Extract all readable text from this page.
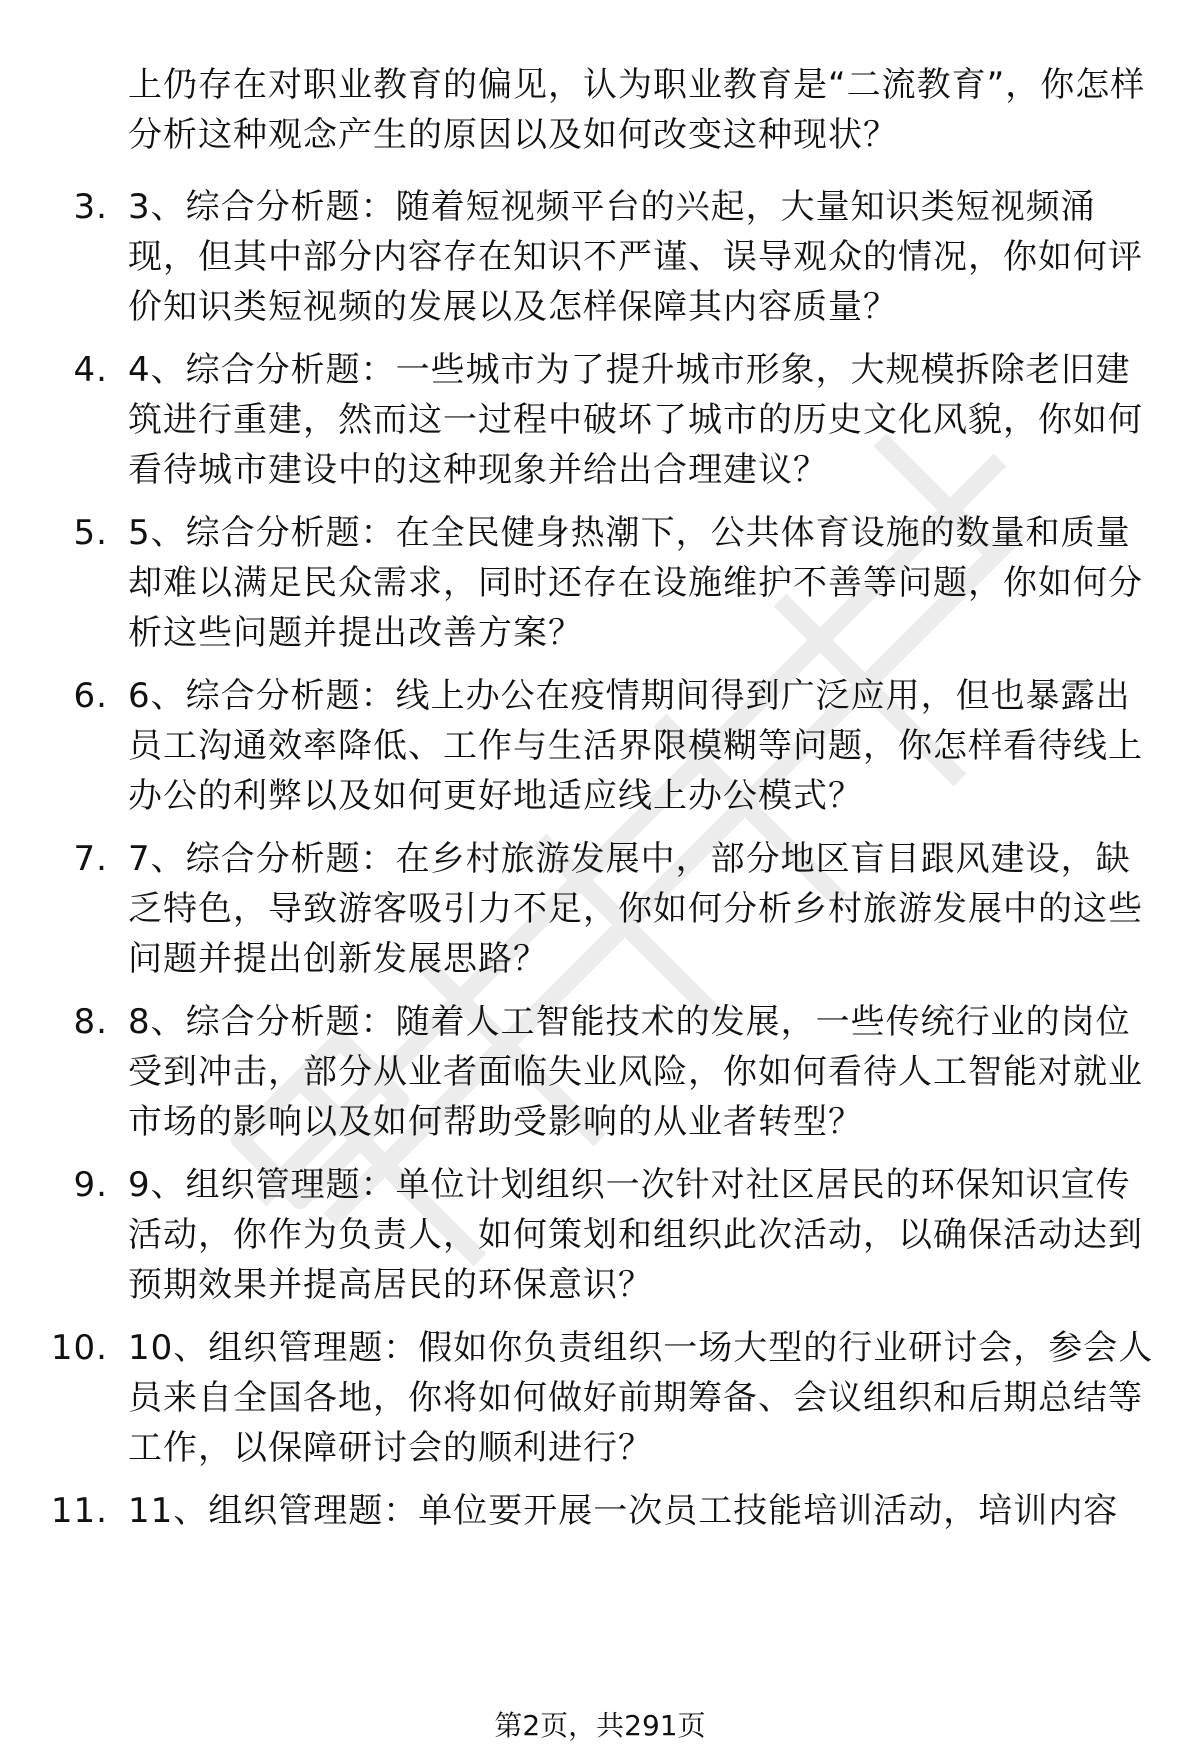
上仍存在对职业教育的偏见，认为职业教育是“二流教育”，你怎样分析这种观念产生的原因以及如何改变这种现状？
3. 3、综合分析题：随着短视频平台的兴起，大量知识类短视频涌现，但其中部分内容存在知识不严谨、误导观众的情况，你如何评价知识类短视频的发展以及怎样保障其内容质量？
4. 4、综合分析题：一些城市为了提升城市形象，大规模拆除老旧建筑进行重建，然而这一过程中破坏了城市的历史文化风貌，你如何看待城市建设中的这种现象并给出合理建议？
5. 5、综合分析题：在全民健身热潮下，公共体育设施的数量和质量却难以满足民众需求，同时还存在设施维护不善等问题，你如何分析这些问题并提出改善方案？
6. 6、综合分析题：线上办公在疫情期间得到广泛应用，但也暴露出员工沟通效率降低、工作与生活界限模糊等问题，你怎样看待线上办公的利弊以及如何更好地适应线上办公模式？
7. 7、综合分析题：在乡村旅游发展中，部分地区盲目跟风建设，缺乏特色，导致游客吸引力不足，你如何分析乡村旅游发展中的这些问题并提出创新发展思路？
8. 8、综合分析题：随着人工智能技术的发展，一些传统行业的岗位受到冲击，部分从业者面临失业风险，你如何看待人工智能对就业市场的影响以及如何帮助受影响的从业者转型？
9. 9、组织管理题：单位计划组织一次针对社区居民的环保知识宣传活动，你作为负责人，如何策划和组织此次活动，以确保活动达到预期效果并提高居民的环保意识？
10. 10、组织管理题：假如你负责组织一场大型的行业研讨会，参会人员来自全国各地，你将如何做好前期筹备、会议组织和后期总结等工作，以保障研讨会的顺利进行？
11. 11、组织管理题：单位要开展一次员工技能培训活动，培训内容
第2页，共291页
